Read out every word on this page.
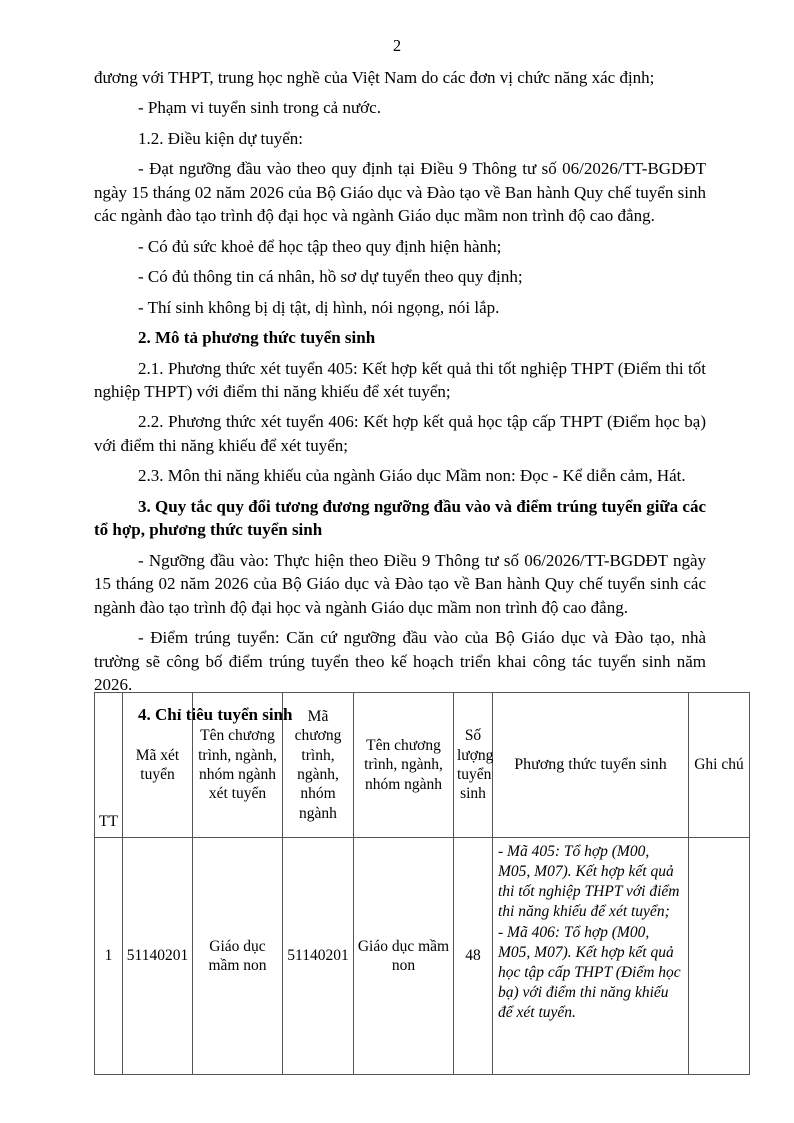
2

đương với THPT, trung học nghề của Việt Nam do các đơn vị chức năng xác định;

- Phạm vi tuyển sinh trong cả nước.

1.2. Điều kiện dự tuyển:

- Đạt ngưỡng đầu vào theo quy định tại Điều 9 Thông tư số 06/2026/TT-BGDĐT ngày 15 tháng 02 năm 2026 của Bộ Giáo dục và Đào tạo về Ban hành Quy chế tuyển sinh các ngành đào tạo trình độ đại học và ngành Giáo dục mầm non trình độ cao đẳng.

- Có đủ sức khoẻ để học tập theo quy định hiện hành;

- Có đủ thông tin cá nhân, hồ sơ dự tuyển theo quy định;

- Thí sinh không bị dị tật, dị hình, nói ngọng, nói lắp.

2. Mô tả phương thức tuyển sinh

2.1. Phương thức xét tuyển 405: Kết hợp kết quả thi tốt nghiệp THPT (Điểm thi tốt nghiệp THPT) với điểm thi năng khiếu để xét tuyển;

2.2. Phương thức xét tuyển 406: Kết hợp kết quả học tập cấp THPT (Điểm học bạ) với điểm thi năng khiếu để xét tuyển;

2.3. Môn thi năng khiếu của ngành Giáo dục Mầm non: Đọc - Kể diễn cảm, Hát.

3. Quy tắc quy đổi tương đương ngưỡng đầu vào và điểm trúng tuyển giữa các tổ hợp, phương thức tuyển sinh

- Ngưỡng đầu vào: Thực hiện theo Điều 9 Thông tư số 06/2026/TT-BGDĐT ngày 15 tháng 02 năm 2026 của Bộ Giáo dục và Đào tạo về Ban hành Quy chế tuyển sinh các ngành đào tạo trình độ đại học và ngành Giáo dục mầm non trình độ cao đẳng.

- Điểm trúng tuyển: Căn cứ ngưỡng đầu vào của Bộ Giáo dục và Đào tạo, nhà trường sẽ công bố điểm trúng tuyển theo kế hoạch triển khai công tác tuyển sinh năm 2026.

4. Chỉ tiêu tuyển sinh

TT	Mã xét tuyển	Tên chương trình, ngành, nhóm ngành xét tuyển	Mã chương trình, ngành, nhóm ngành	Tên chương trình, ngành, nhóm ngành	Số lượng tuyển sinh	Phương thức tuyển sinh	Ghi chú
1	51140201	Giáo dục mầm non	51140201	Giáo dục mầm non	48	- Mã 405: Tổ hợp (M00, M05, M07). Kết hợp kết quả thi tốt nghiệp THPT với điểm thi năng khiếu để xét tuyển;
- Mã 406: Tổ hợp (M00, M05, M07). Kết hợp kết quả học tập cấp THPT (Điểm học bạ) với điểm thi năng khiếu để xét tuyển.	
